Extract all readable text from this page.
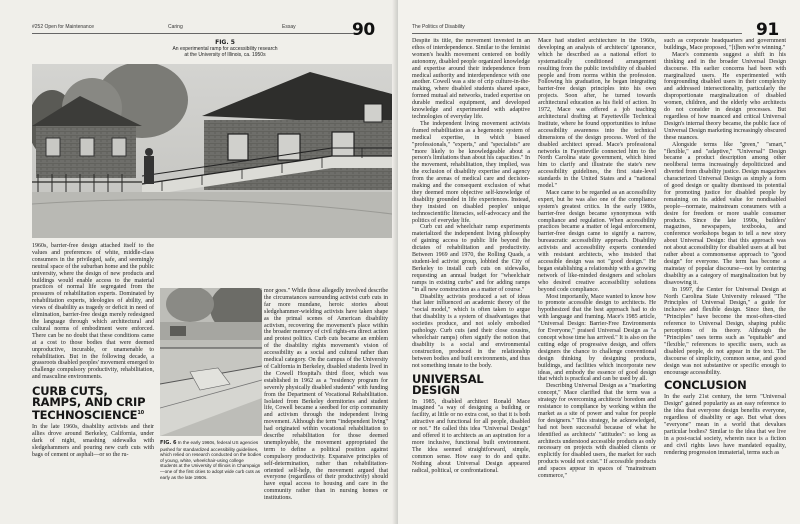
#252 Open for Maintenance	Caring	Essay	90
FIG. 5
An experimental ramp for accessibility research at the University of Illinois, ca. 1950s

1960s, barrier-free design attached itself to the values and preferences of white, middle-class consumers in the privileged, safe, and seemingly neutral space of the suburban home and the public university, where the design of new products and buildings would enable access to the material practices of normal life segregated from the pressures of rehabilitation experts. Dominated by rehabilitation experts, ideologies of ability, and views of disability as tragedy or deficit in need of elimination, barrier-free design merely redesigned the language through which architectural and cultural norms of embodiment were enforced. There can be no doubt that these conditions came at a cost to those bodies that were deemed unproductive, incurable, or unamenable to rehabilitation. But in the following decade, a grassroots disabled peoples' movement emerged to challenge compulsory productivity, rehabilitation, and masculine environments.

CURB CUTS, RAMPS, AND CRIP TECHNOSCIENCE$^{10}$

In the late 1960s, disability activists and their allies drove around Berkeley, California, under dark of night, smashing sidewalks with sledgehammers and pouring new curb cuts with bags of cement or asphalt—or so the ru-

FIG. 6 In the early 1960s, federal US agencies pushed for standardized accessibility guidelines, which relied on research conducted on the bodies of young, white, wheelchair-using college students at the University of Illinois in Champaign—one of the first cities to adopt wide curb cuts as early as the late 1950s.

mor goes." While those allegedly involved describe the circumstances surrounding activist curb cuts in far more mundane, heroic stories about sledgehammer-wielding activists have taken shape as the primal scenes of American disability activism, recovering the movement's place within the broader memory of civil rights-era direct action and protest politics. Curb cuts became an emblem of the disability rights movement's vision of accessibility as a social and cultural rather than medical category. On the campus of the University of California in Berkeley, disabled students lived in the Cowell Hospital's third floor, which was established in 1962 as a "residency program for severely physically disabled students" with funding from the Department of Vocational Rehabilitation. Isolated from Berkeley dormitories and student life, Cowell became a seedbed for crip community and activism through the independent living movement. Although the term "independent living" had originated within vocational rehabilitation to describe rehabilitation for those deemed unemployable, the movement appropriated the term to define a political position against compulsory productivity. Expansive principles of self-determination, rather than rehabilitation-oriented self-help, the movement argued that everyone (regardless of their productivity) should have equal access to housing and care in the community rather than in nursing homes or institutions.

The Politics of Disability	91

Despite its title, the movement invested in an ethos of interdependence. Similar to the feminist women's health movement centered on bodily autonomy, disabled people organized knowledge and expertise around their independence from medical authority and interdependence with one another. Cowell was a site of crip culture-in-the-making, where disabled students shared space, formed mutual aid networks, traded expertise on durable medical equipment, and developed knowledge and experimented with adaptive technologies of everyday life.

The independent living movement activists framed rehabilitation as a hegemonic system of medical expertise, in which biased "professionals," "experts," and "specialists" are "more likely to be knowledgeable about a person's limitations than about his capacities." In the movement, rehabilitation, they implied, was the exclusion of disability expertise and agency from the arenas of medical care and decision-making and the consequent exclusion of what they deemed more objective self-knowledge of disability grounded in life experiences. Instead, they insisted on disabled peoples' unique technoscientific literacies, self-advocacy and the politics of everyday life.

Curb cut and wheelchair ramp experiments materialized the independent living philosophy of gaining access to public life beyond the dictates of rehabilitation and productivity. Between 1969 and 1970, the Rolling Quads, a student-led activist group, lobbied the City of Berkeley to install curb cuts on sidewalks, requesting an annual budget for "wheelchair ramps in existing curbs" and for adding ramps "in all new construction as a matter of course."

Disability activists produced a set of ideas that later influenced an academic theory of the "social model," which is often taken to argue that disability is a system of disadvantages that societies produce, and not solely embodied pathology. Curb cuts (and their close cousins, wheelchair ramps) often signify the notion that disability is a social and environmental construction, produced in the relationship between bodies and built environments, and thus not something innate to the body.

UNIVERSAL DESIGN

In 1985, disabled architect Ronald Mace imagined "a way of designing a building or facility, at little or no extra cost, so that it is both attractive and functional for all people, disabled or not." He called this idea "Universal Design" and offered it to architects as an aspiration for a more inclusive, functional built environment. The idea seemed straightforward, simple, common sense. How easy to do and quite. Nothing about Universal Design appeared radical, political, or confrontational.

Mace had studied architecture in the 1960s, developing an analysis of architects' ignorance, which he described as a national effort to systematically conditioned arrangement resulting from the public invisibility of disabled people and from norms within the profession. Following his graduation, he began integrating barrier-free design principles into his own projects. Soon after, he turned towards architectural education as his field of action. In 1972, Mace was offered a job teaching architectural drafting at Fayetteville Technical Institute, where he found opportunities to infuse accessibility awareness into the technical dimensions of the design process. Word of the disabled architect spread. Mace's professional networks in Fayetteville connected him to the North Carolina state government, which hired him to clarify and illustrate the state's new accessibility guidelines, the first state-level standards in the United States and a "national model."

Mace came to be regarded as an accessibility expert, but he was also one of the compliance system's greatest critics. In the early 1980s, barrier-free design became synonymous with compliance and regulation. When accessibility practices became a matter of legal enforcement, barrier-free design came to signify a narrow, bureaucratic accessibility approach. Disability activists and accessibility experts contended with resistant architects, who insisted that accessible design was not "good design." He began establishing a relationship with a growing network of like-minded designers and scholars who desired creative accessibility solutions beyond code compliance.

Most importantly, Mace wanted to know how to promote accessible design to architects. He hypothesized that the best approach had to do with language and framing. Mace's 1985 article, "Universal Design: Barrier-Free Environments for Everyone," praised Universal Design as "a concept whose time has arrived." It is also on the cutting edge of progressive design, and offers designers the chance to challenge conventional design thinking by designing products, buildings, and facilities which incorporate new ideas, and embody the essence of good design that which is practical and can be used by all.

Describing Universal Design as a "marketing concept," Mace clarified that the term was a strategy for overcoming architects' boredom and resistance to compliance by working within the market as a site of power and value for people for designers." This strategy, he acknowledged, had not been successful because of what he identified as architects' "attitudes": so long as architects understood accessible products as only necessary on projects with disabled clients or explicitly for disabled users, the market for such products would not exist." If accessible products and spaces appear in spaces of "mainstream commerce,"

such as corporate headquarters and government buildings, Mace proposed, "[t]hen we're winning."

Mace's comments suggest a shift in his thinking and in the broader Universal Design discourse. His earlier concerns had been with marginalized users. He experimented with foregrounding disabled users in their complexity and addressed intersectionality, particularly the disproportionate marginalization of disabled women, children, and the elderly who architects do not consider in design processes. But regardless of how nuanced and critical Universal Design's internal theory became, the public face of Universal Design marketing increasingly obscured these nuances.

Alongside terms like "green," "smart," "flexible," and "adaptive," "Universal" Design became a product description among other neoliberal terms increasingly depoliticized and diverted from disability justice. Design magazines characterized Universal Design as simply a form of good design or quality dismissed its potential for promoting justice for disabled people by remaining on its added value for nondisabled people—normate, mainstream consumers with a desire for freedom or more usable consumer products. Since the late 1990s, builders' magazines, newspapers, textbooks, and conference workshops began to tell a new story about Universal Design: that this approach was not about accessibility for disabled users at all but rather about a commonsense approach to "good design" for everyone. The term has become a mainstay of popular discourse—not by centering disability as a category of marginalization but by disavowing it.

In 1997, the Center for Universal Design at North Carolina State University released "The Principles of Universal Design," a guide for inclusive and flexible design. Since then, the "Principles" have become the most-often-cited reference to Universal Design, shaping public perceptions of its theory. Although the "Principles" uses terms such as "equitable" and "flexible," references to specific users, such as disabled people, do not appear in the text. The discourse of simplicity, common sense, and good design was not substantive or specific enough to encourage accessibility.

CONCLUSION

In the early 21st century, the term "Universal Design" gained popularity as an easy reference to the idea that everyone design benefits everyone, regardless of disability or age. But what does "everyone" mean in a world that devalues particular bodies? Similar to the idea that we live in a post-racial society, wherein race is a fiction and civil rights laws have mandated equality, rendering progression immaterial, terms such as
